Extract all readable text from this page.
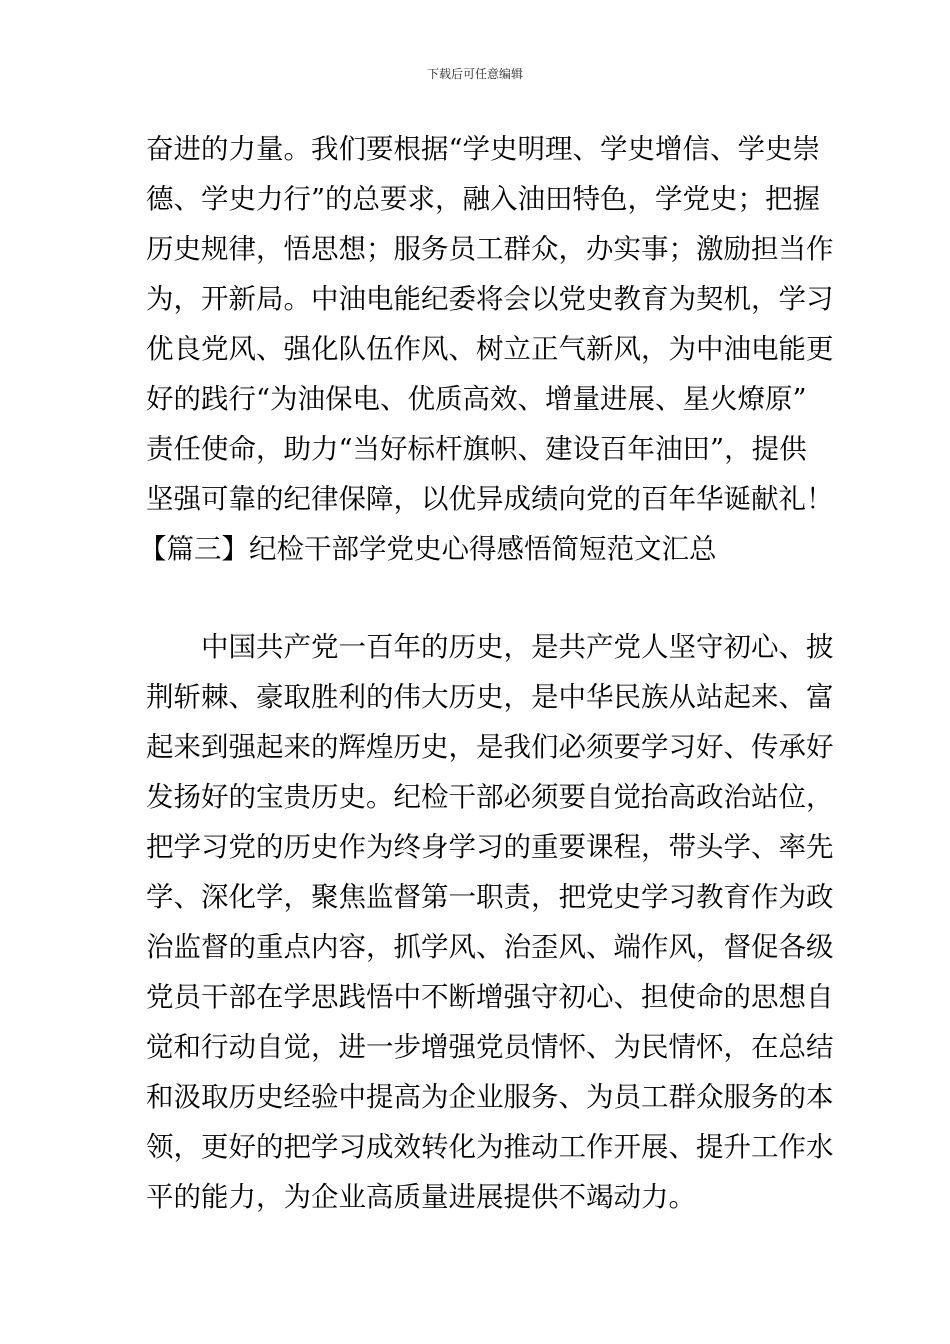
下载后可任意编辑
奋进的力量。我们要根据“学史明理、学史增信、学史崇
德、学史力行”的总要求，融入油田特色，学党史；把握
历史规律，悟思想；服务员工群众，办实事；激励担当作
为，开新局。中油电能纪委将会以党史教育为契机，学习
优良党风、强化队伍作风、树立正气新风，为中油电能更
好的践行“为油保电、优质高效、增量进展、星火燎原”
责任使命，助力“当好标杆旗帜、建设百年油田”，提供
坚强可靠的纪律保障，以优异成绩向党的百年华诞献礼！
【篇三】纪检干部学党史心得感悟简短范文汇总
　　中国共产党一百年的历史，是共产党人坚守初心、披
荆斩棘、豪取胜利的伟大历史，是中华民族从站起来、富
起来到强起来的辉煌历史，是我们必须要学习好、传承好
发扬好的宝贵历史。纪检干部必须要自觉抬高政治站位，
把学习党的历史作为终身学习的重要课程，带头学、率先
学、深化学，聚焦监督第一职责，把党史学习教育作为政
治监督的重点内容，抓学风、治歪风、端作风，督促各级
党员干部在学思践悟中不断增强守初心、担使命的思想自
觉和行动自觉，进一步增强党员情怀、为民情怀，在总结
和汲取历史经验中提高为企业服务、为员工群众服务的本
领，更好的把学习成效转化为推动工作开展、提升工作水
平的能力，为企业高质量进展提供不竭动力。
